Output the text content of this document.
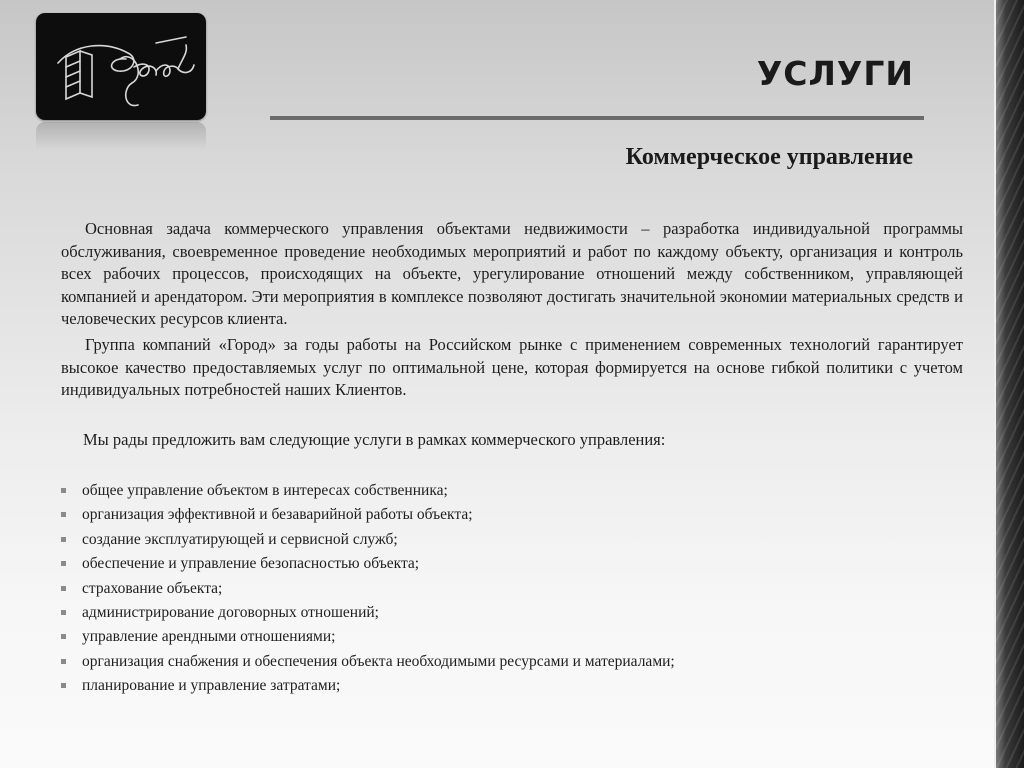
УСЛУГИ
Коммерческое управление

Основная задача коммерческого управления объектами недвижимости – разработка индивидуальной программы обслуживания, своевременное проведение необходимых мероприятий и работ по каждому объекту, организация и контроль всех рабочих процессов, происходящих на объекте, урегулирование отношений между собственником, управляющей компанией и арендатором. Эти мероприятия в комплексе позволяют достигать значительной экономии материальных средств и человеческих ресурсов клиента.

Группа компаний «Город» за годы работы на Российском рынке с применением современных технологий гарантирует высокое качество предоставляемых услуг по оптимальной цене, которая формируется на основе гибкой политики с учетом индивидуальных потребностей наших Клиентов.

Мы рады предложить вам следующие услуги в рамках коммерческого управления:

общее управление объектом в интересах собственника;
организация эффективной и безаварийной работы объекта;
создание эксплуатирующей и сервисной служб;
обеспечение и управление безопасностью объекта;
страхование объекта;
администрирование договорных отношений;
управление арендными отношениями;
организация снабжения и обеспечения объекта необходимыми ресурсами и материалами;
планирование и управление затратами;
